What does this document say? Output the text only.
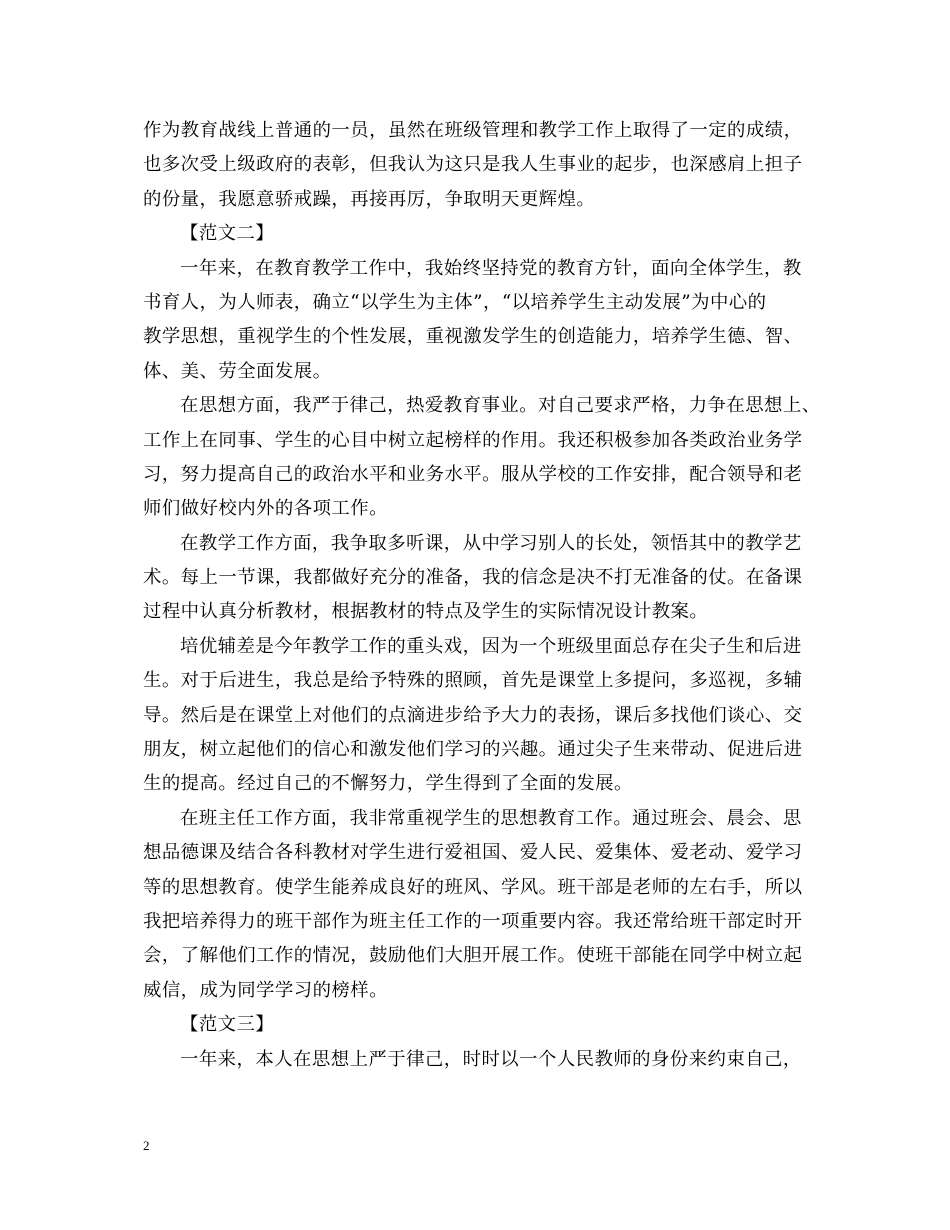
作为教育战线上普通的一员，虽然在班级管理和教学工作上取得了一定的成绩，
也多次受上级政府的表彰，但我认为这只是我人生事业的起步，也深感肩上担子
的份量，我愿意骄戒躁，再接再厉，争取明天更辉煌。
【范文二】
一年来，在教育教学工作中，我始终坚持党的教育方针，面向全体学生，教
书育人，为人师表，确立“以学生为主体”，“以培养学生主动发展”为中心的
教学思想，重视学生的个性发展，重视激发学生的创造能力，培养学生德、智、
体、美、劳全面发展。
在思想方面，我严于律己，热爱教育事业。对自己要求严格，力争在思想上、
工作上在同事、学生的心目中树立起榜样的作用。我还积极参加各类政治业务学
习，努力提高自己的政治水平和业务水平。服从学校的工作安排，配合领导和老
师们做好校内外的各项工作。
在教学工作方面，我争取多听课，从中学习别人的长处，领悟其中的教学艺
术。每上一节课，我都做好充分的准备，我的信念是决不打无准备的仗。在备课
过程中认真分析教材，根据教材的特点及学生的实际情况设计教案。
培优辅差是今年教学工作的重头戏，因为一个班级里面总存在尖子生和后进
生。对于后进生，我总是给予特殊的照顾，首先是课堂上多提问，多巡视，多辅
导。然后是在课堂上对他们的点滴进步给予大力的表扬，课后多找他们谈心、交
朋友，树立起他们的信心和激发他们学习的兴趣。通过尖子生来带动、促进后进
生的提高。经过自己的不懈努力，学生得到了全面的发展。
在班主任工作方面，我非常重视学生的思想教育工作。通过班会、晨会、思
想品德课及结合各科教材对学生进行爱祖国、爱人民、爱集体、爱老动、爱学习
等的思想教育。使学生能养成良好的班风、学风。班干部是老师的左右手，所以
我把培养得力的班干部作为班主任工作的一项重要内容。我还常给班干部定时开
会，了解他们工作的情况，鼓励他们大胆开展工作。使班干部能在同学中树立起
威信，成为同学学习的榜样。
【范文三】
一年来，本人在思想上严于律己，时时以一个人民教师的身份来约束自己，
2
